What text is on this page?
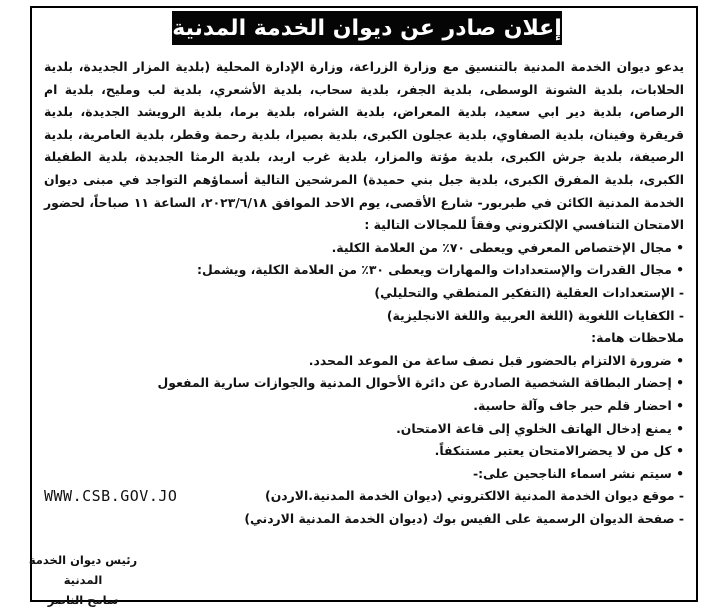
إعلان صادر عن ديوان الخدمة المدنية

يدعو ديوان الخدمة المدنية بالتنسيق مع وزارة الزراعة، وزارة الإدارة المحلية (بلدية المزار الجديدة، بلدية الحلابات، بلدية الشونة الوسطى، بلدية الجفر، بلدية سحاب، بلدية الأشعري، بلدية لب ومليح، بلدية ام الرصاص، بلدية دير ابي سعيد، بلدية المعراض، بلدية الشراه، بلدية برما، بلدية الرويشد الجديدة، بلدية قريقرة وفينان، بلدية الصفاوي، بلدية عجلون الكبرى، بلدية بصيرا، بلدية رحمة وقطر، بلدية العامرية، بلدية الرصيفة، بلدية جرش الكبرى، بلدية مؤتة والمزار، بلدية غرب اربد، بلدية الرمثا الجديدة، بلدية الطفيلة الكبرى، بلدية المفرق الكبرى، بلدية جبل بني حميدة) المرشحين التالية أسماؤهم التواجد في مبنى ديوان الخدمة المدنية الكائن في طبربور- شارع الأقصى، يوم الاحد الموافق ٢٠٢٣/٦/١٨، الساعة ١١ صباحاً، لحضور الامتحان التنافسي الإلكتروني وفقاً للمجالات التالية :

• مجال الإختصاص المعرفي ويعطى ٧٠٪ من العلامة الكلية.
• مجال القدرات والإستعدادات والمهارات ويعطى ٣٠٪ من العلامة الكلية، ويشمل:
- الإستعدادات العقلية (التفكير المنطقي والتحليلي)
- الكفايات اللغوية (اللغة العربية واللغة الانجليزية)

ملاحظات هامة:

• ضرورة الالتزام بالحضور قبل نصف ساعة من الموعد المحدد.
• إحضار البطاقة الشخصية الصادرة عن دائرة الأحوال المدنية والجوازات سارية المفعول
• احضار قلم حبر جاف وآلة حاسبة.
• يمنع إدخال الهاتف الخلوي إلى قاعة الامتحان.
• كل من لا يحضرالامتحان يعتبر مستنكفاً.
• سيتم نشر اسماء الناجحين على:-
- موقع ديوان الخدمة المدنية الالكتروني (ديوان الخدمة المدنية.الاردن)
WWW.CSB.GOV.JO
- صفحة الديوان الرسمية على الفيس بوك (ديوان الخدمة المدنية الاردني)
رئيس ديوان الخدمة المدنية
سامح الناصر
